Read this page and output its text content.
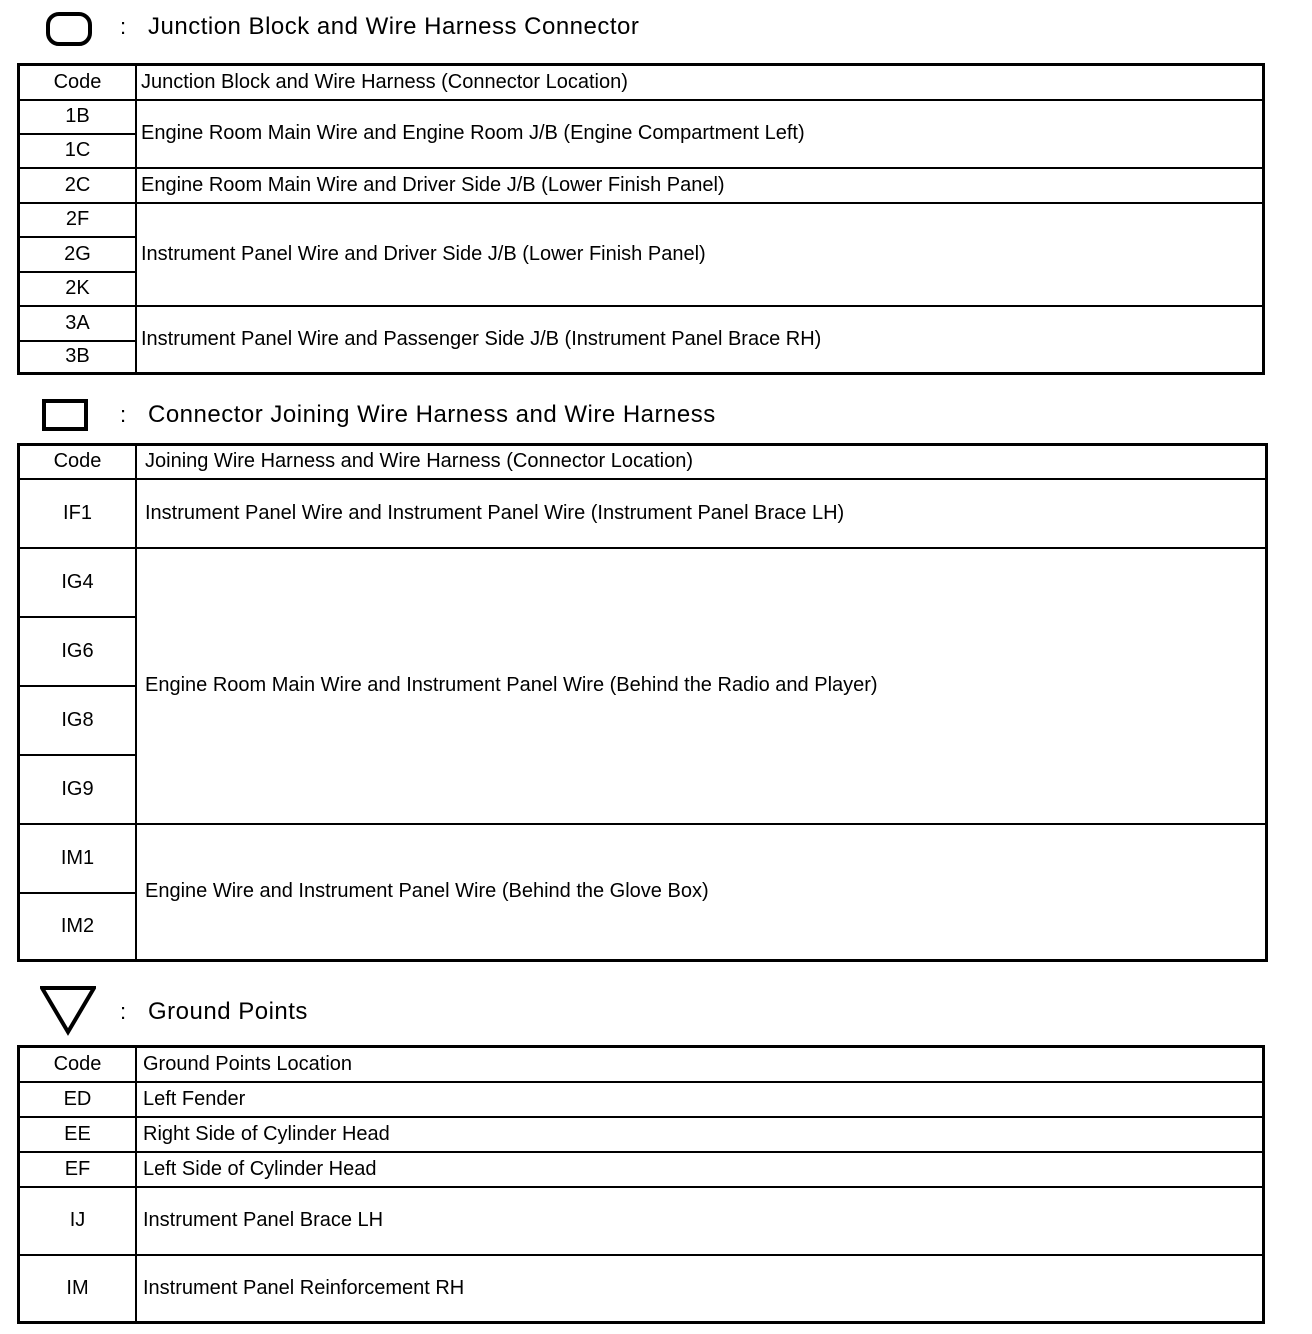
: Junction Block and Wire Harness Connector
Code	Junction Block and Wire Harness (Connector Location)
1B	Engine Room Main Wire and Engine Room J/B (Engine Compartment Left)
1C	
2C	Engine Room Main Wire and Driver Side J/B (Lower Finish Panel)
2F	Instrument Panel Wire and Driver Side J/B (Lower Finish Panel)
2G	
2K	
3A	Instrument Panel Wire and Passenger Side J/B (Instrument Panel Brace RH)
3B	
: Connector Joining Wire Harness and Wire Harness
Code	Joining Wire Harness and Wire Harness (Connector Location)
IF1	Instrument Panel Wire and Instrument Panel Wire (Instrument Panel Brace LH)
IG4	Engine Room Main Wire and Instrument Panel Wire (Behind the Radio and Player)
IG6	
IG8	
IG9	
IM1	Engine Wire and Instrument Panel Wire (Behind the Glove Box)
IM2	
: Ground Points
Code	Ground Points Location
ED	Left Fender
EE	Right Side of Cylinder Head
EF	Left Side of Cylinder Head
IJ	Instrument Panel Brace LH
IM	Instrument Panel Reinforcement RH
